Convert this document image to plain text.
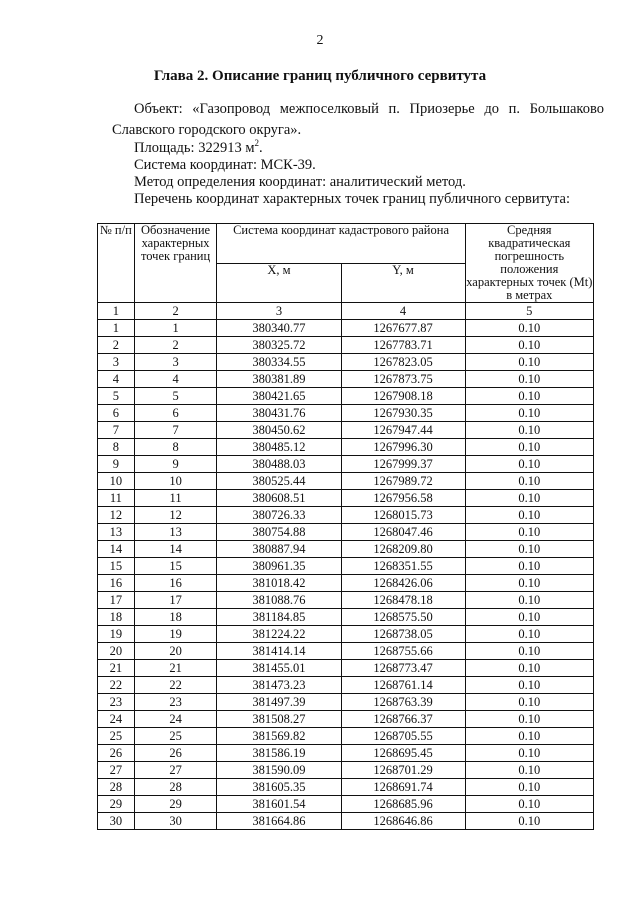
2
Глава 2. Описание границ публичного сервитута
Объект: «Газопровод межпоселковый п. Приозерье до п. Большаково
Славского городского округа».
Площадь: 322913 $м^2$.
Система координат: МСК-39.
Метод определения координат: аналитический метод.
Перечень координат характерных точек границ публичного сервитута:
№ п/п	Обозначение характерных точек границ	Система координат кадастрового района		Средняя квадратическая погрешность положения характерных точек (Mt) в метрах
		X, м	Y, м	
1	2	3	4	5
1	1	380340.77	1267677.87	0.10
2	2	380325.72	1267783.71	0.10
3	3	380334.55	1267823.05	0.10
4	4	380381.89	1267873.75	0.10
5	5	380421.65	1267908.18	0.10
6	6	380431.76	1267930.35	0.10
7	7	380450.62	1267947.44	0.10
8	8	380485.12	1267996.30	0.10
9	9	380488.03	1267999.37	0.10
10	10	380525.44	1267989.72	0.10
11	11	380608.51	1267956.58	0.10
12	12	380726.33	1268015.73	0.10
13	13	380754.88	1268047.46	0.10
14	14	380887.94	1268209.80	0.10
15	15	380961.35	1268351.55	0.10
16	16	381018.42	1268426.06	0.10
17	17	381088.76	1268478.18	0.10
18	18	381184.85	1268575.50	0.10
19	19	381224.22	1268738.05	0.10
20	20	381414.14	1268755.66	0.10
21	21	381455.01	1268773.47	0.10
22	22	381473.23	1268761.14	0.10
23	23	381497.39	1268763.39	0.10
24	24	381508.27	1268766.37	0.10
25	25	381569.82	1268705.55	0.10
26	26	381586.19	1268695.45	0.10
27	27	381590.09	1268701.29	0.10
28	28	381605.35	1268691.74	0.10
29	29	381601.54	1268685.96	0.10
30	30	381664.86	1268646.86	0.10
